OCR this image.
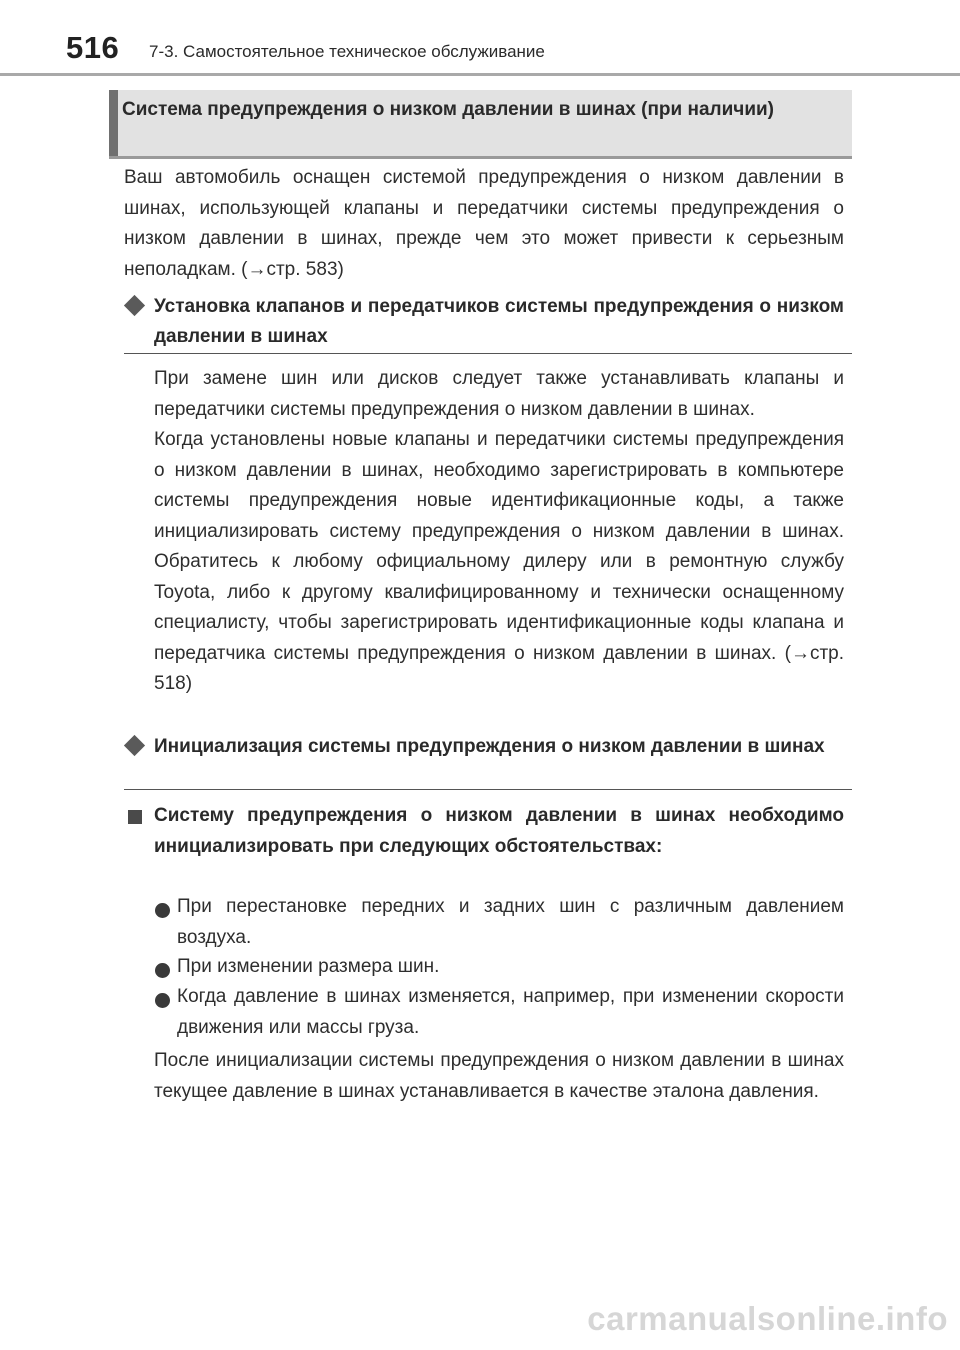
516 7-3. Самостоятельное техническое обслуживание
Система предупреждения о низком давлении в шинах (при наличии)
Ваш автомобиль оснащен системой предупреждения о низком давлении в шинах, использующей клапаны и передатчики системы предупреждения о низком давлении в шинах, прежде чем это может привести к серьезным неполадкам. (→стр. 583)
Установка клапанов и передатчиков системы предупреждения о низком давлении в шинах
При замене шин или дисков следует также устанавливать клапаны и передатчики системы предупреждения о низком давлении в шинах.
Когда установлены новые клапаны и передатчики системы предупреждения о низком давлении в шинах, необходимо зарегистрировать в компьютере системы предупреждения новые идентификационные коды, а также инициализировать систему предупреждения о низком давлении в шинах. Обратитесь к любому официальному дилеру или в ремонтную службу Toyota, либо к другому квалифицированному и технически оснащенному специалисту, чтобы зарегистрировать идентификационные коды клапана и передатчика системы предупреждения о низком давлении в шинах. (→стр. 518)
Инициализация системы предупреждения о низком давлении в шинах
Систему предупреждения о низком давлении в шинах необходимо инициализировать при следующих обстоятельствах:
При перестановке передних и задних шин с различным давлением воздуха.
При изменении размера шин.
Когда давление в шинах изменяется, например, при изменении скорости движения или массы груза.
После инициализации системы предупреждения о низком давлении в шинах текущее давление в шинах устанавливается в качестве эталона давления.
carmanualsonline.info
